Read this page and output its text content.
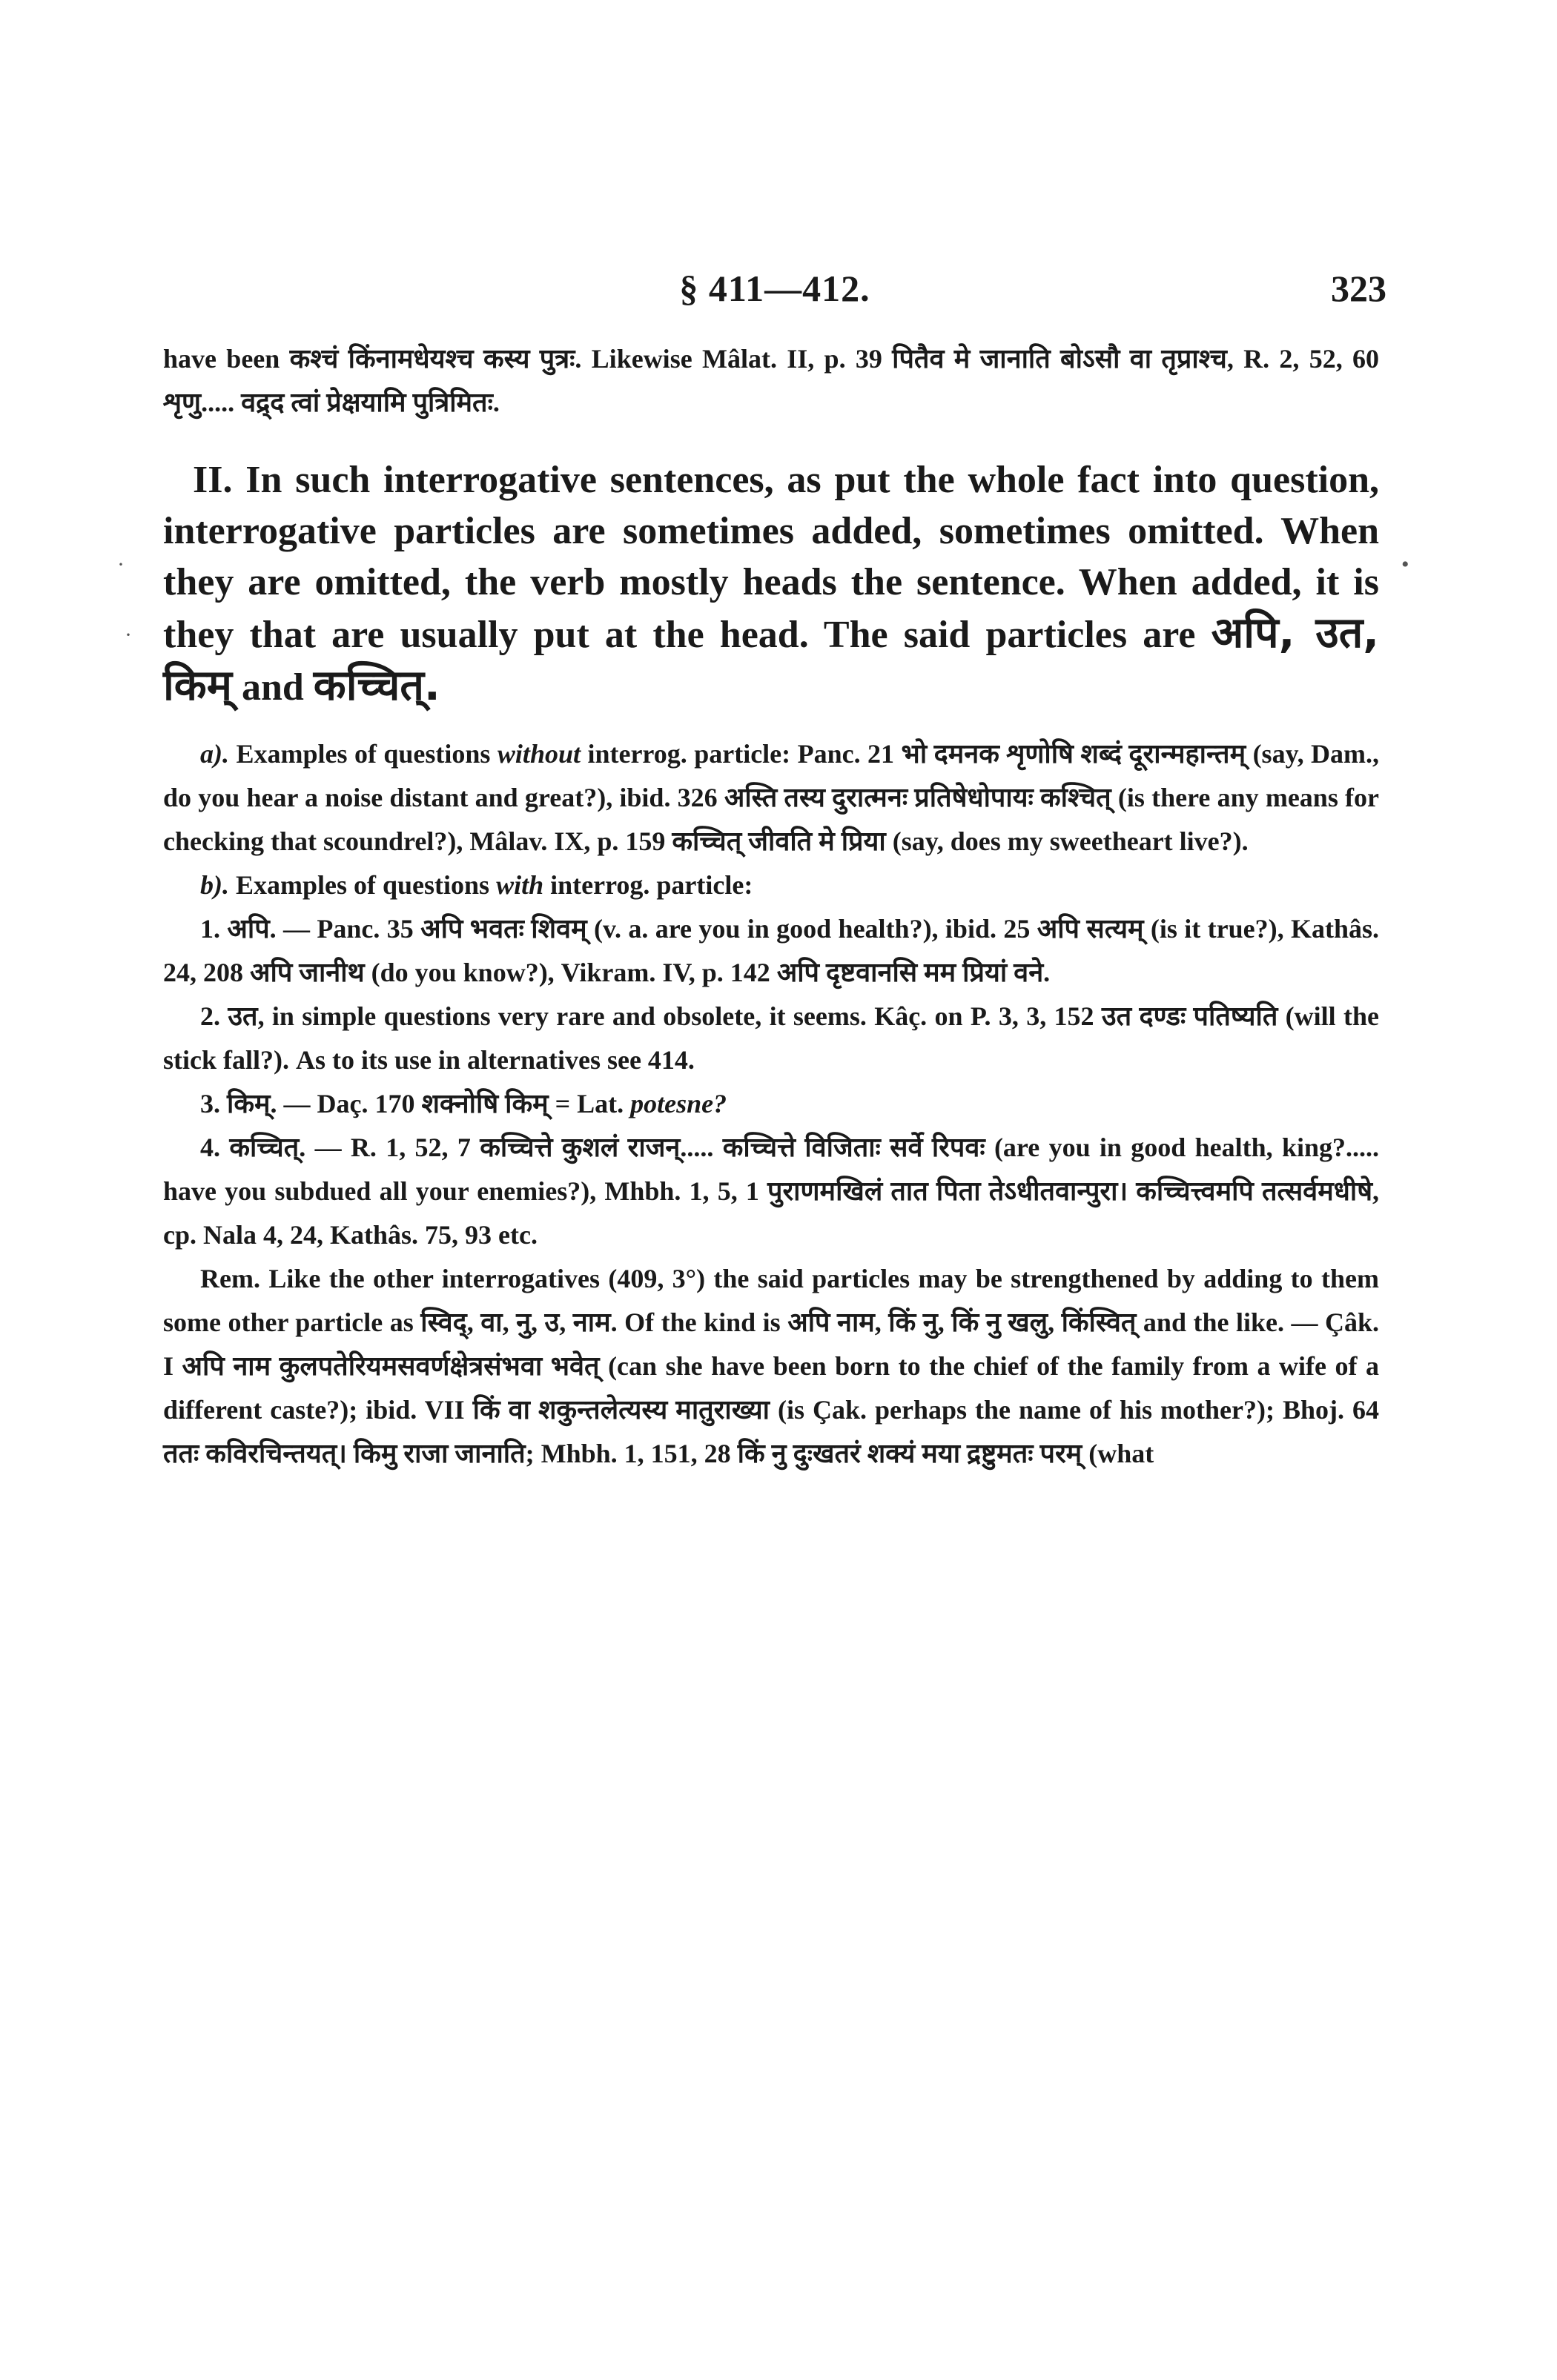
§ 411—412.	323

have been कश्चं किंनामधेयश्च कस्य पुत्रः. Likewise Mâlat. II, p. 39 पितैव मे जानाति बोऽसौ वा तृप्राश्च, R. 2, 52, 60 शृणु..... वद्र्द त्वां प्रेक्षयामि पुत्रिमितः.

II. In such interrogative sentences, as put the whole fact into question, interrogative particles are sometimes added, sometimes omitted. When they are omitted, the verb mostly heads the sentence. When added, it is they that are usually put at the head. The said particles are अपि, उत, किम् and कच्चित्.

a). Examples of questions without interrog. particle: Panc. 21 भो दमनक शृणोषि शब्दं दूरान्महान्तम् (say, Dam., do you hear a noise distant and great?), ibid. 326 अस्ति तस्य दुरात्मनः प्रतिषेधोपायः कश्चित् (is there any means for checking that scoundrel?), Mâlav. IX, p. 159 कच्चित् जीवति मे प्रिया (say, does my sweetheart live?).

b). Examples of questions with interrog. particle:

1. अपि. — Panc. 35 अपि भवतः शिवम् (v. a. are you in good health?), ibid. 25 अपि सत्यम् (is it true?), Kathâs. 24, 208 अपि जानीथ (do you know?), Vikram. IV, p. 142 अपि दृष्टवानसि मम प्रियां वने.

2. उत, in simple questions very rare and obsolete, it seems. Kâç. on P. 3, 3, 152 उत दण्डः पतिष्यति (will the stick fall?). As to its use in alternatives see 414.

3. किम्. — Daç. 170 शक्नोषि किम् = Lat. potesne?

4. कच्चित्. — R. 1, 52, 7 कच्चित्ते कुशलं राजन्..... कच्चित्ते विजिताः सर्वे रिपवः (are you in good health, king?..... have you subdued all your enemies?), Mhbh. 1, 5, 1 पुराणमखिलं तात पिता तेऽधीतवान्पुरा। कच्चित्त्वमपि तत्सर्वमधीषे, cp. Nala 4, 24, Kathâs. 75, 93 etc.

Rem. Like the other interrogatives (409, 3°) the said particles may be strengthened by adding to them some other particle as स्विद्, वा, नु, उ, नाम. Of the kind is अपि नाम, किं नु, किं नु खलु, किंस्वित् and the like. — Çâk. I अपि नाम कुलपतेरियमसवर्णक्षेत्रसंभवा भवेत् (can she have been born to the chief of the family from a wife of a different caste?); ibid. VII किं वा शकुन्तलेत्यस्य मातुराख्या (is Çak. perhaps the name of his mother?); Bhoj. 64 ततः कविरचिन्तयत्। किमु राजा जानाति; Mhbh. 1, 151, 28 किं नु दुःखतरं शक्यं मया द्रष्टुमतः परम् (what

·	•
·
